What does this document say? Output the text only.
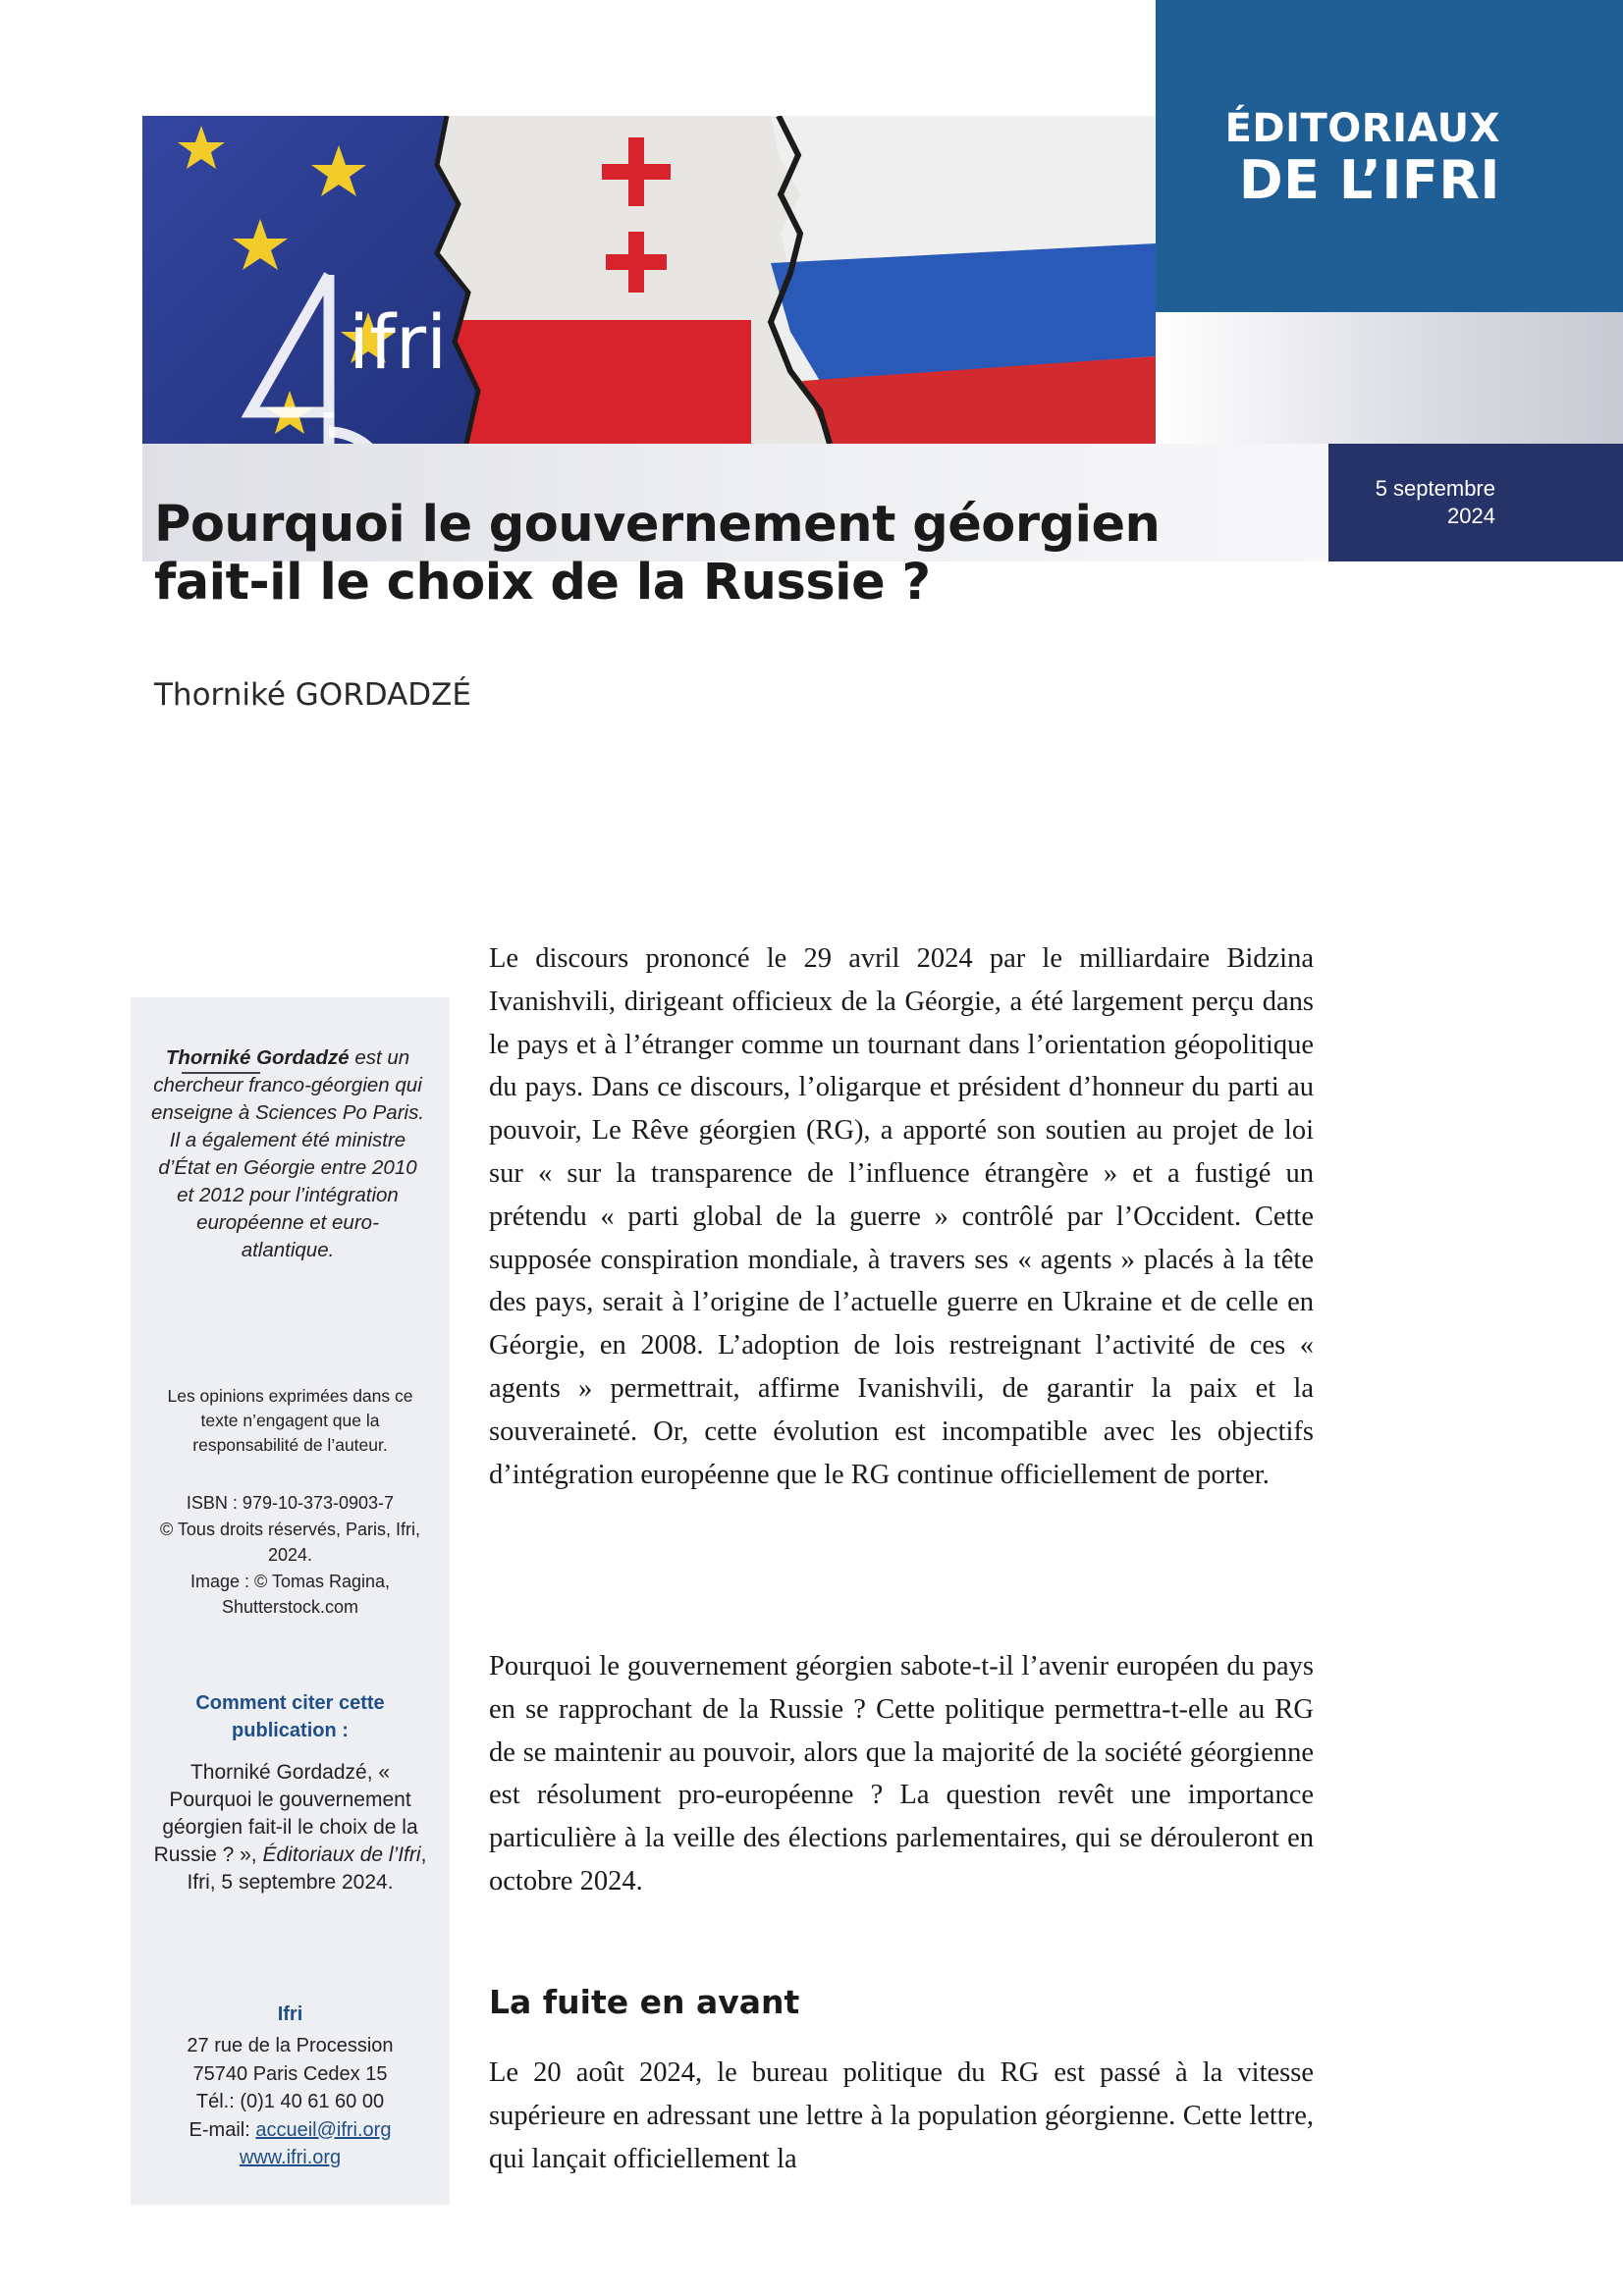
ifri
ÉDITORIAUX
DE L’IFRI
5 septembre
2024
Pourquoi le gouvernement géorgien
fait-il le choix de la Russie ?
Thorniké GORDADZÉ
Thorniké Gordadzé est un chercheur franco-géorgien qui enseigne à Sciences Po Paris. Il a également été ministre d’État en Géorgie entre 2010 et 2012 pour l’intégration européenne et euro-atlantique.
Les opinions exprimées dans ce texte n’engagent que la responsabilité de l’auteur.
ISBN : 979-10-373-0903-7
© Tous droits réservés, Paris, Ifri, 2024.
Image : © Tomas Ragina, Shutterstock.com
Comment citer cette publication :
Thorniké Gordadzé, « Pourquoi le gouvernement géorgien fait-il le choix de la Russie ? », Éditoriaux de l’Ifri, Ifri, 5 septembre 2024.
Ifri
27 rue de la Procession
75740 Paris Cedex 15
Tél.: (0)1 40 61 60 00
E-mail: accueil@ifri.org
www.ifri.org

Le discours prononcé le 29 avril 2024 par le milliardaire Bidzina Ivanishvili, dirigeant officieux de la Géorgie, a été largement perçu dans le pays et à l’étranger comme un tournant dans l’orientation géopolitique du pays. Dans ce discours, l’oligarque et président d’honneur du parti au pouvoir, Le Rêve géorgien (RG), a apporté son soutien au projet de loi sur « sur la transparence de l’influence étrangère » et a fustigé un prétendu « parti global de la guerre » contrôlé par l’Occident. Cette supposée conspiration mondiale, à travers ses « agents » placés à la tête des pays, serait à l’origine de l’actuelle guerre en Ukraine et de celle en Géorgie, en 2008. L’adoption de lois restreignant l’activité de ces « agents » permettrait, affirme Ivanishvili, de garantir la paix et la souveraineté. Or, cette évolution est incompatible avec les objectifs d’intégration européenne que le RG continue officiellement de porter.

Pourquoi le gouvernement géorgien sabote-t-il l’avenir européen du pays en se rapprochant de la Russie ? Cette politique permettra-t-elle au RG de se maintenir au pouvoir, alors que la majorité de la société géorgienne est résolument pro-européenne ? La question revêt une importance particulière à la veille des élections parlementaires, qui se dérouleront en octobre 2024.

La fuite en avant

Le 20 août 2024, le bureau politique du RG est passé à la vitesse supérieure en adressant une lettre à la population géorgienne. Cette lettre, qui lançait officiellement la
